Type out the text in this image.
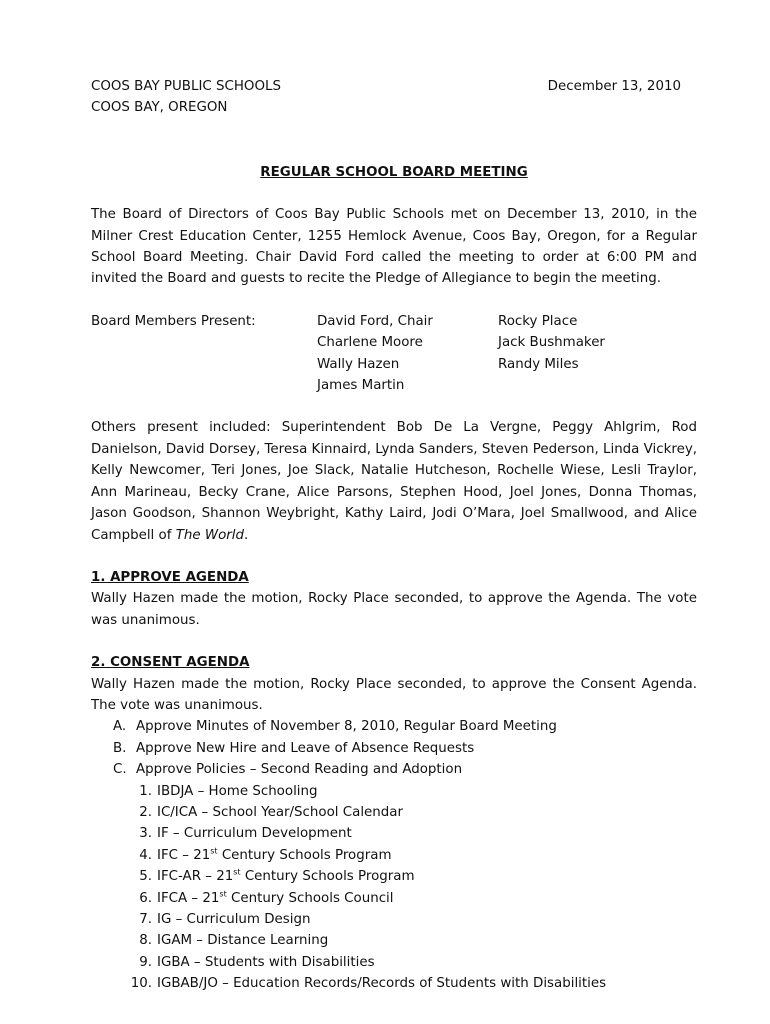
COOS BAY PUBLIC SCHOOLS	December 13, 2010
COOS BAY, OREGON
REGULAR SCHOOL BOARD MEETING

The Board of Directors of Coos Bay Public Schools met on December 13, 2010, in the Milner Crest Education Center, 1255 Hemlock Avenue, Coos Bay, Oregon, for a Regular School Board Meeting. Chair David Ford called the meeting to order at 6:00 PM and invited the Board and guests to recite the Pledge of Allegiance to begin the meeting.

Board Members Present:	David Ford, Chair
Charlene Moore
Wally Hazen
James Martin
Rocky Place
Jack Bushmaker
Randy Miles

Others present included: Superintendent Bob De La Vergne, Peggy Ahlgrim, Rod Danielson, David Dorsey, Teresa Kinnaird, Lynda Sanders, Steven Pederson, Linda Vickrey, Kelly Newcomer, Teri Jones, Joe Slack, Natalie Hutcheson, Rochelle Wiese, Lesli Traylor, Ann Marineau, Becky Crane, Alice Parsons, Stephen Hood, Joel Jones, Donna Thomas, Jason Goodson, Shannon Weybright, Kathy Laird, Jodi O’Mara, Joel Smallwood, and Alice Campbell of The World.

1. APPROVE AGENDA

Wally Hazen made the motion, Rocky Place seconded, to approve the Agenda. The vote was unanimous.

2. CONSENT AGENDA

Wally Hazen made the motion, Rocky Place seconded, to approve the Consent Agenda. The vote was unanimous.

A. Approve Minutes of November 8, 2010, Regular Board Meeting
B. Approve New Hire and Leave of Absence Requests
C. Approve Policies – Second Reading and Adoption
1. IBDJA – Home Schooling
2. IC/ICA – School Year/School Calendar
3. IF – Curriculum Development
4. IFC – 21st Century Schools Program
5. IFC-AR – 21st Century Schools Program
6. IFCA – 21st Century Schools Council
7. IG – Curriculum Design
8. IGAM – Distance Learning
9. IGBA – Students with Disabilities
10. IGBAB/JO – Education Records/Records of Students with Disabilities
